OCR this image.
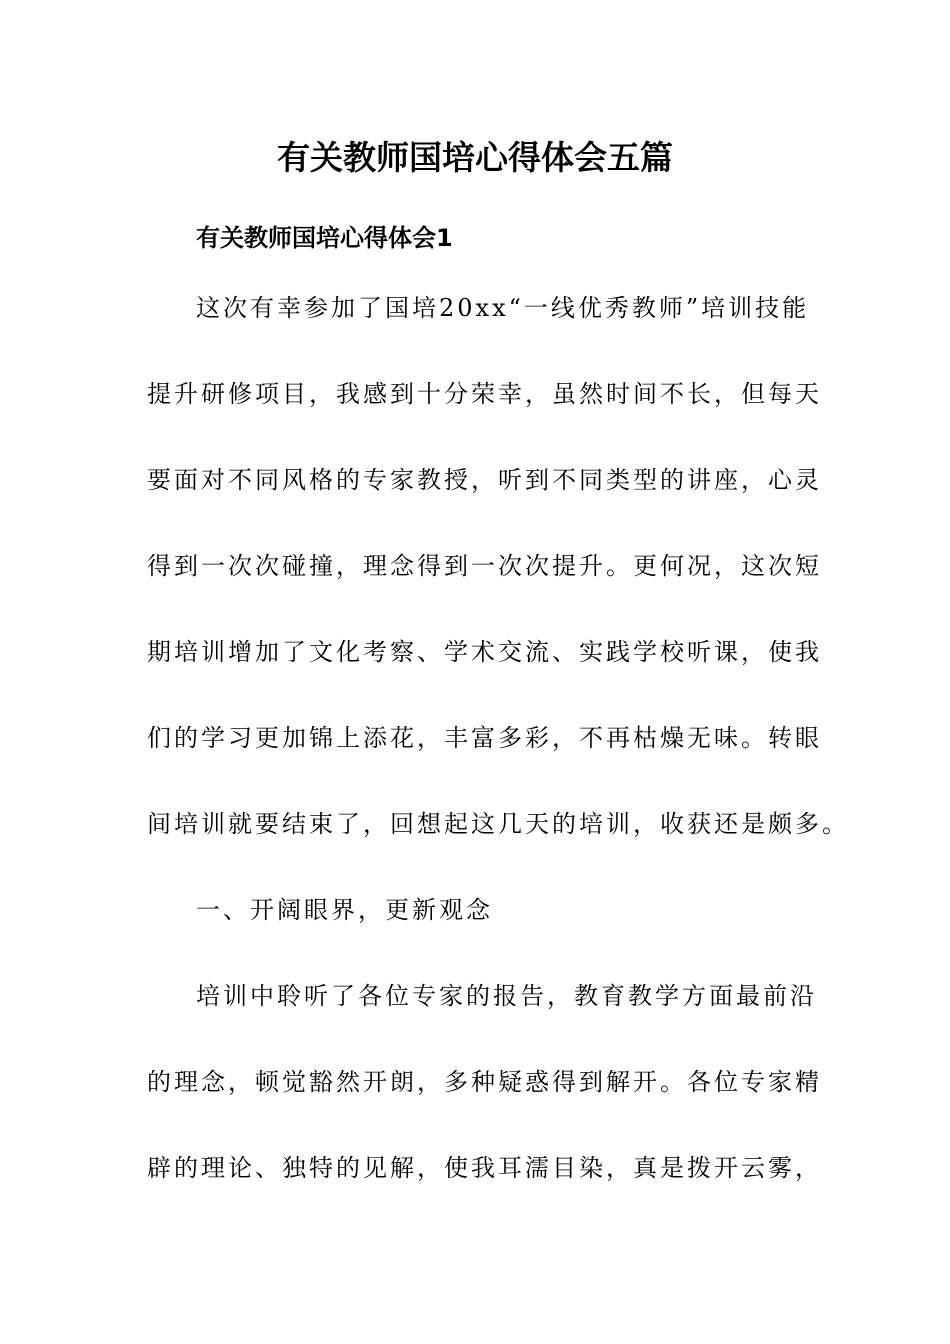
有关教师国培心得体会五篇
有关教师国培心得体会1

这次有幸参加了国培20xx“一线优秀教师”培训技能

提升研修项目，我感到十分荣幸，虽然时间不长，但每天

要面对不同风格的专家教授，听到不同类型的讲座，心灵

得到一次次碰撞，理念得到一次次提升。更何况，这次短

期培训增加了文化考察、学术交流、实践学校听课，使我

们的学习更加锦上添花，丰富多彩，不再枯燥无味。转眼

间培训就要结束了，回想起这几天的培训，收获还是颇多。

一、开阔眼界，更新观念

培训中聆听了各位专家的报告，教育教学方面最前沿

的理念，顿觉豁然开朗，多种疑惑得到解开。各位专家精

辟的理论、独特的见解，使我耳濡目染，真是拨开云雾，
